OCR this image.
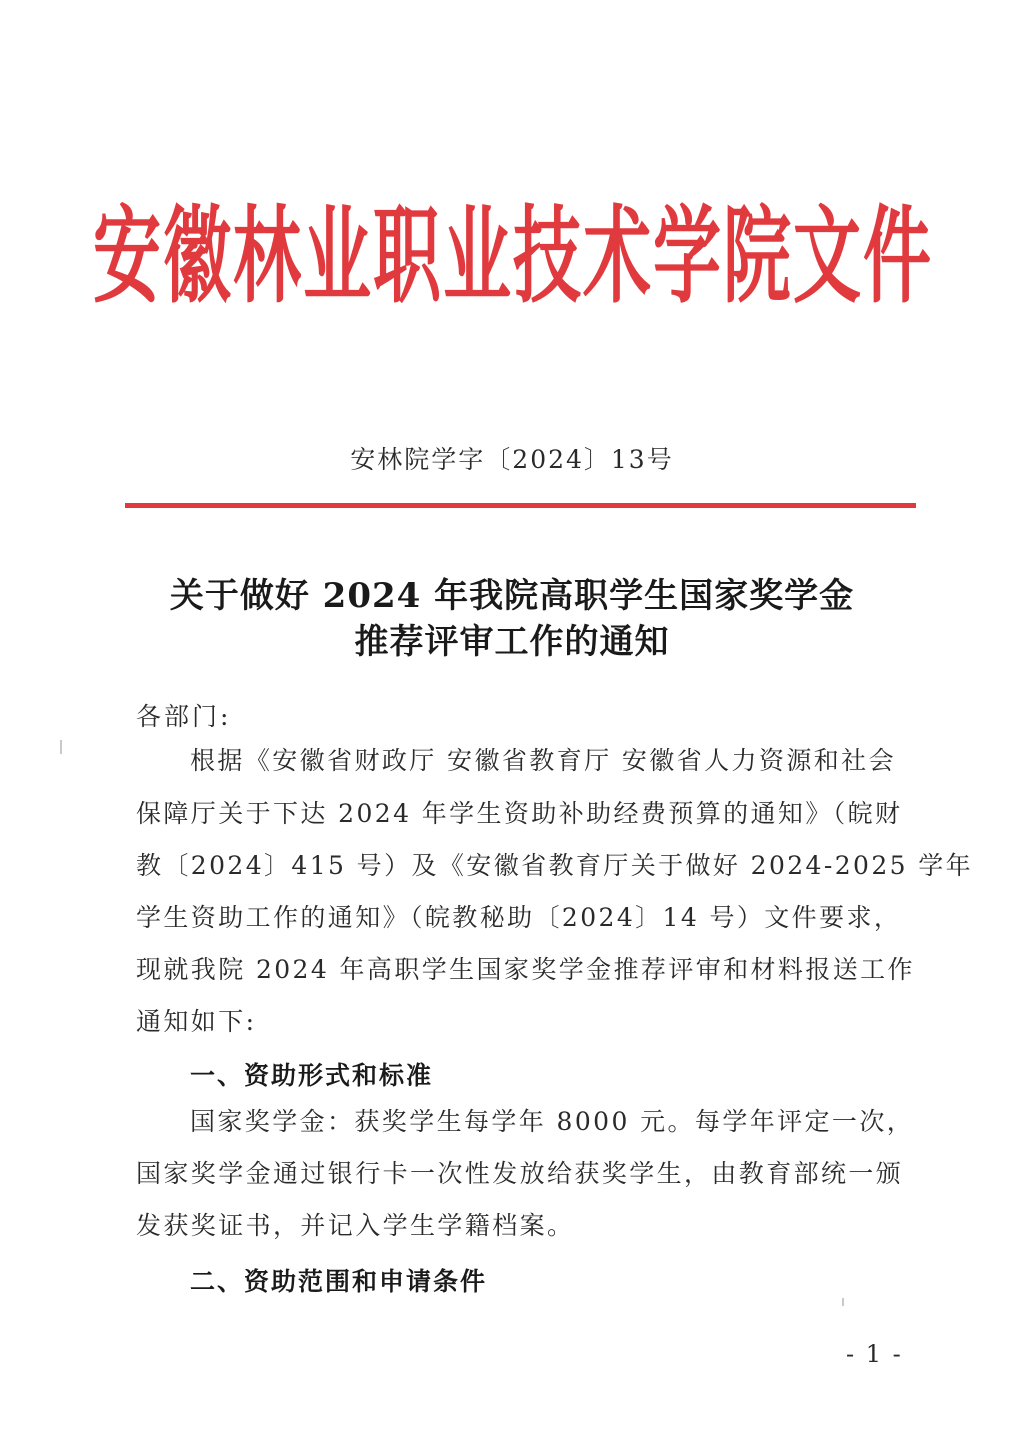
安徽林业职业技术学院文件
安林院学字〔2024〕13号
关于做好 2024 年我院高职学生国家奖学金
推荐评审工作的通知
各部门:
根据《安徽省财政厅 安徽省教育厅 安徽省人力资源和社会
保障厅关于下达 2024 年学生资助补助经费预算的通知》（皖财
教〔2024〕415 号）及《安徽省教育厅关于做好 2024-2025 学年
学生资助工作的通知》（皖教秘助〔2024〕14 号）文件要求，
现就我院 2024 年高职学生国家奖学金推荐评审和材料报送工作
通知如下:
一、资助形式和标准
国家奖学金：获奖学生每学年 8000 元。每学年评定一次，
国家奖学金通过银行卡一次性发放给获奖学生，由教育部统一颁
发获奖证书，并记入学生学籍档案。
二、资助范围和申请条件
- 1 -
